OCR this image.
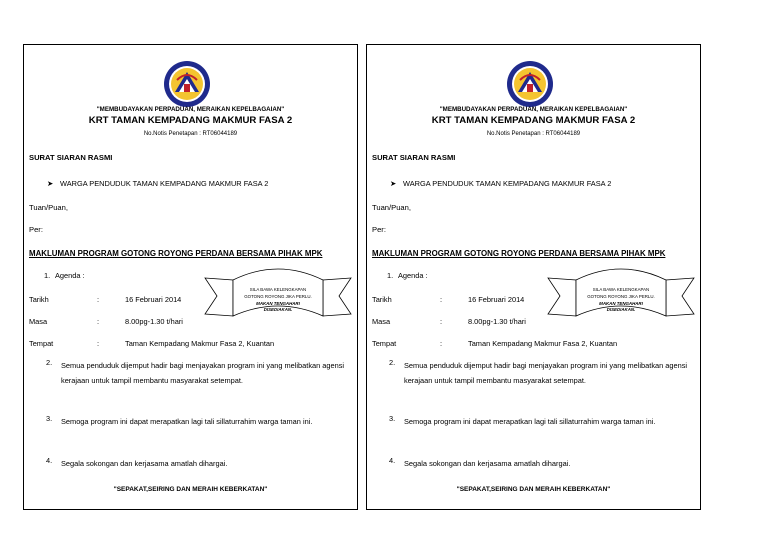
"MEMBUDAYAKAN PERPADUAN, MERAIKAN KEPELBAGAIAN"
KRT TAMAN KEMPADANG MAKMUR FASA 2
No.Notis Penetapan : RT06044189
SURAT SIARAN RASMI
➤ WARGA PENDUDUK TAMAN KEMPADANG MAKMUR FASA 2
Tuan/Puan,
Per:
MAKLUMAN PROGRAM GOTONG ROYONG PERDANA BERSAMA PIHAK MPK
1. Agenda :
Tarikh	:	16 Februari 2014
Masa	:	8.00pg-1.30 t/hari
Tempat	:	Taman Kempadang Makmur Fasa 2, Kuantan
2. Semua penduduk dijemput hadir bagi menjayakan program ini yang melibatkan agensi kerajaan untuk tampil membantu masyarakat setempat.
3. Semoga program ini dapat merapatkan lagi tali sillaturrahim warga taman ini.
4. Segala sokongan dan kerjasama amatlah dihargai.
"SEPAKAT,SEIRING DAN MERAIH KEBERKATAN"
SILA BAWA KELENGKAPAN
GOTONG ROYONG JIKA PERLU.
MAKAN TENGAHARI
DISEDIAKAN.
"MEMBUDAYAKAN PERPADUAN, MERAIKAN KEPELBAGAIAN"
KRT TAMAN KEMPADANG MAKMUR FASA 2
No.Notis Penetapan : RT06044189
SURAT SIARAN RASMI
➤ WARGA PENDUDUK TAMAN KEMPADANG MAKMUR FASA 2
Tuan/Puan,
Per:
MAKLUMAN PROGRAM GOTONG ROYONG PERDANA BERSAMA PIHAK MPK
1. Agenda :
Tarikh	:	16 Februari 2014
Masa	:	8.00pg-1.30 t/hari
Tempat	:	Taman Kempadang Makmur Fasa 2, Kuantan
2. Semua penduduk dijemput hadir bagi menjayakan program ini yang melibatkan agensi kerajaan untuk tampil membantu masyarakat setempat.
3. Semoga program ini dapat merapatkan lagi tali sillaturrahim warga taman ini.
4. Segala sokongan dan kerjasama amatlah dihargai.
"SEPAKAT,SEIRING DAN MERAIH KEBERKATAN"
SILA BAWA KELENGKAPAN
GOTONG ROYONG JIKA PERLU.
MAKAN TENGAHARI
DISEDIAKAN.
